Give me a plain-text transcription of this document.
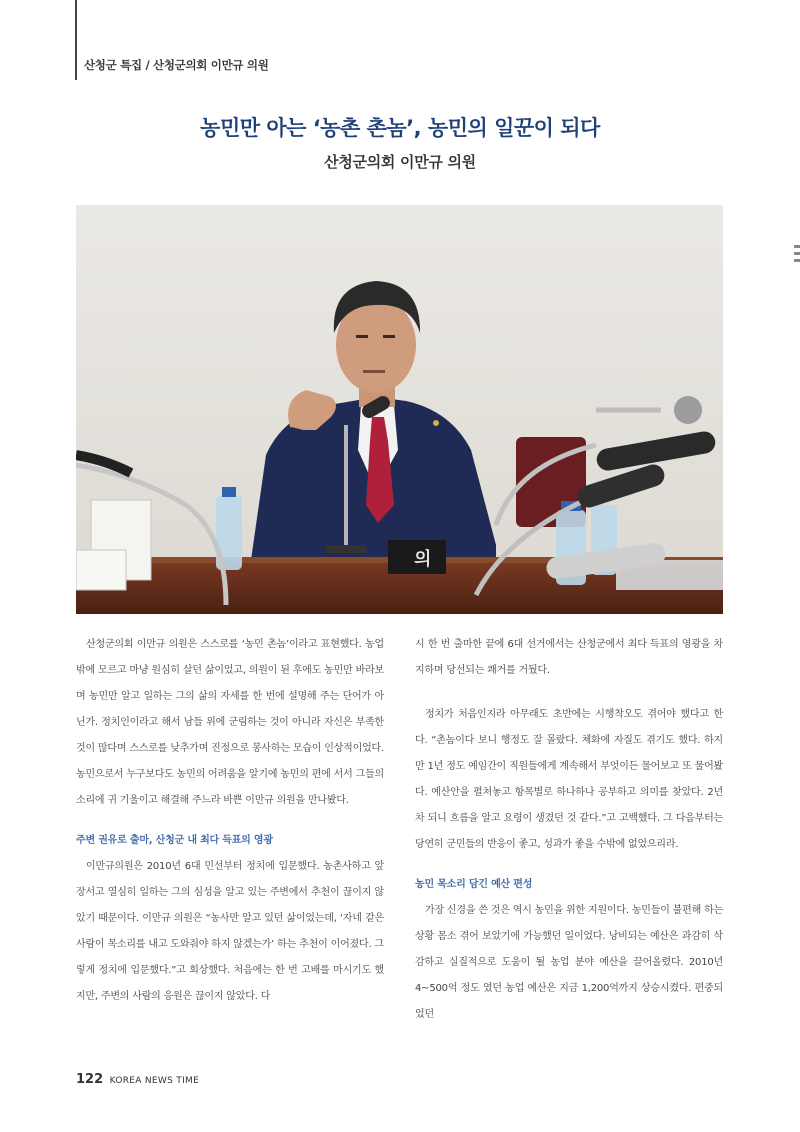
산청군 특집 / 산청군의회 이만규 의원
농민만 아는 ‘농촌 촌놈’, 농민의 일꾼이 되다
산청군의회 이만규 의원
의

산청군의회 이만규 의원은 스스로를 ‘농민 촌놈’이라고 표현했다. 농업밖에 모르고 마냥 원심히 살던 삶이었고, 의원이 된 후에도 농민만 바라보며 농민만 알고 일하는 그의 삶의 자세를 한 번에 설명해 주는 단어가 아닌가. 정치인이라고 해서 남들 위에 군림하는 것이 아니라 자신은 부족한 것이 많다며 스스로를 낮추가며 진정으로 봉사하는 모습이 인상적이었다. 농민으로서 누구보다도 농민의 어려움을 알기에 농민의 편에 서서 그들의 소리에 귀 기울이고 해결해 주느라 바쁜 이만규 의원을 만나봤다.

주변 권유로 출마, 산청군 내 최다 득표의 영광

이만규의원은 2010년 6대 민선부터 정치에 입문했다. 농촌사하고 앞장서고 열심히 일하는 그의 심성을 알고 있는 주변에서 추천이 끊이지 않았기 때문이다. 이만규 의원은 “농사만 알고 있던 삶이었는데, ‘자네 같은 사람이 목소리를 내고 도와줘야 하지 않겠는가’ 하는 추천이 이어졌다. 그렇게 정치에 입문했다.”고 회상했다. 처음에는 한 번 고배를 마시기도 했지만, 주변의 사람의 응원은 끊이지 않았다. 다

시 한 번 출마한 끝에 6대 선거에서는 산청군에서 최다 득표의 영광을 차지하며 당선되는 쾌거를 거뒀다.

정치가 처음인지라 아무래도 초반에는 시행착오도 겪어야 했다고 한다. “촌놈이다 보니 행정도 잘 몰랐다. 체화에 자질도 겪기도 했다. 하지만 1년 정도 예임간이 직원들에게 계속해서 부엇이든 물어보고 또 물어봤다. 예산안을 펼쳐놓고 항목별로 하나하나 공부하고 의미를 찾았다. 2년차 되니 흐름을 알고 요령이 생겼던 것 같다.”고 고백했다. 그 다음부터는 당연히 군민들의 반응이 좋고, 성과가 좋을 수밖에 없었으리라.

농민 목소리 담긴 예산 편성

가장 신경을 쓴 것은 역시 농민을 위한 지원이다. 농민들이 불편해 하는 상황 몸소 겪어 보았기에 가능했던 일이었다. 낭비되는 예산은 과감히 삭감하고 실질적으로 도움이 될 농업 분야 예산을 끌어올렸다. 2010년 4~500억 정도 였던 농업 예산은 지금 1,200억까지 상승시켰다. 편중되었던

122 KOREA NEWS TIME
